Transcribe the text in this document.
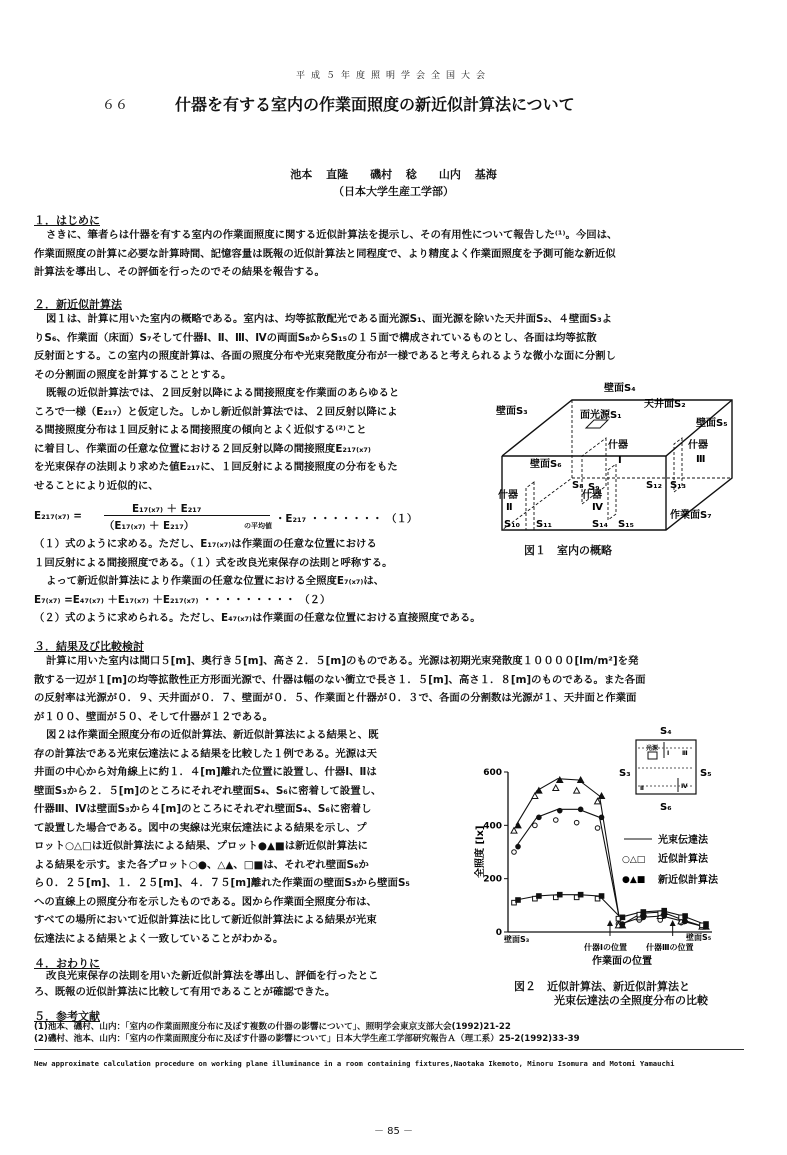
平成５年度照明学会全国大会
６６	什器を有する室内の作業面照度の新近似計算法について
池本 直隆　　磯村 稔　　山内 基海
（日本大学生産工学部）
１．はじめに

さきに、筆者らは什器を有する室内の作業面照度に関する近似計算法を提示し、その有用性について報告した⁽¹⁾。今回は、

作業面照度の計算に必要な計算時間、記憶容量は既報の近似計算法と同程度で、より精度よく作業面照度を予測可能な新近似

計算法を導出し、その評価を行ったのでその結果を報告する。

２．新近似計算法

図１は、計算に用いた室内の概略である。室内は、均等拡散配光である面光源S₁、面光源を除いた天井面S₂、４壁面S₃よ

りS₆、作業面（床面）S₇そして什器Ⅰ、Ⅱ、Ⅲ、Ⅳの両面S₈からS₁₅の１５面で構成されているものとし、各面は均等拡散

反射面とする。この室内の照度計算は、各面の照度分布や光束発散度分布が一様であると考えられるような微小な面に分割し

その分割面の照度を計算することとする。

既報の近似計算法では、２回反射以降による間接照度を作業面のあらゆると

ころで一様（E₂₁₇）と仮定した。しかし新近似計算法では、２回反射以降によ

る間接照度分布は１回反射による間接照度の傾向とよく近似する⁽²⁾こと

に着目し、作業面の任意な位置における２回反射以降の間接照度E₂₁₇₍ₓ₇₎

を光束保存の法則より求めた値E₂₁₇に、１回反射による間接照度の分布をもた

せることにより近似的に、

E₂₁₇₍ₓ₇₎ =
E₁₇₍ₓ₇₎ ＋ E₂₁₇
（E₁₇₍ₓ₇₎ ＋ E₂₁₇）	の平均値
・E₂₁₇ ・・・・・・・ （１）

（１）式のように求める。ただし、E₁₇₍ₓ₇₎は作業面の任意な位置における

１回反射による間接照度である。（１）式を改良光束保存の法則と呼称する。

よって新近似計算法により作業面の任意な位置における全照度E₇₍ₓ₇₎は、

E₇₍ₓ₇₎ =E₄₇₍ₓ₇₎ ＋E₁₇₍ₓ₇₎ ＋E₂₁₇₍ₓ₇₎ ・・・・・・・・・ （２）
（２）式のように求められる。ただし、E₄₇₍ₓ₇₎は作業面の任意な位置における直接照度である。
壁面S₄
天井面S₂
壁面S₃	面光源S₁
壁面S₅
壁面S₆
什器
Ⅰ
什器
Ⅲ
什器
Ⅱ
什器
Ⅳ
S₈ S₉
S₁₀ S₁₁
S₁₂ S₁₃
S₁₄ S₁₅
作業面S₇
図１　室内の概略
３．結果及び比較検討

計算に用いた室内は間口５[m]、奥行き５[m]、高さ２．５[m]のものである。光源は初期光束発散度１００００[lm/m²]を発

散する一辺が１[m]の均等拡散性正方形面光源で、什器は幅のない衝立で長さ１．５[m]、高さ１．８[m]のものである。また各面

の反射率は光源が０．９、天井面が０．７、壁面が０．５、作業面と什器が０．３で、各面の分割数は光源が１、天井面と作業面

が１００、壁面が５０、そして什器が１２である。

図２は作業面全照度分布の近似計算法、新近似計算法による結果と、既

存の計算法である光束伝達法による結果を比較した１例である。光源は天

井面の中心から対角線上に約１．４[m]離れた位置に設置し、什器Ⅰ、Ⅱは

壁面S₃から２．５[m]のところにそれぞれ壁面S₄、S₆に密着して設置し、

什器Ⅲ、Ⅳは壁面S₃から４[m]のところにそれぞれ壁面S₄、S₆に密着し

て設置した場合である。図中の実線は光束伝達法による結果を示し、プ

ロット○△□は近似計算法による結果、プロット●▲■は新近似計算法に

よる結果を示す。また各プロット○●、△▲、□■は、それぞれ壁面S₆か

ら０．２５[m]、１．２５[m]、４．７５[m]離れた作業面の壁面S₃から壁面S₅

への直線上の照度分布を示したものである。図から作業面全照度分布は、

すべての場所において近似計算法に比して新近似計算法による結果が光束

伝達法による結果とよく一致していることがわかる。

S₄
S₃	S₅
S₆
光源
Ⅰ
Ⅱ
Ⅲ
Ⅳ
0
200
400
600
全照度 [lx]	光束伝達法
○△□ 近似計算法
●▲■ 新近似計算法
壁面S₃	壁面S₅
什器Ⅰの位置 什器Ⅲの位置
作業面の位置
図２　近似計算法、新近似計算法と
光束伝達法の全照度分布の比較
４．おわりに

改良光束保存の法則を用いた新近似計算法を導出し、評価を行ったとこ

ろ、既報の近似計算法に比較して有用であることが確認できた。

５．参考文献
(1)池本、磯村、山内：「室内の作業面照度分布に及ぼす複数の什器の影響について」、照明学会東京支部大会(1992)21-22
(2)磯村、池本、山内：「室内の作業面照度分布に及ぼす什器の影響について」日本大学生産工学部研究報告Ａ（理工系）25-2(1992)33-39
New approximate calculation procedure on working plane illuminance in a room containing fixtures,Naotaka Ikemoto, Minoru Isomura and Motomi Yamauchi
－ 85 －
